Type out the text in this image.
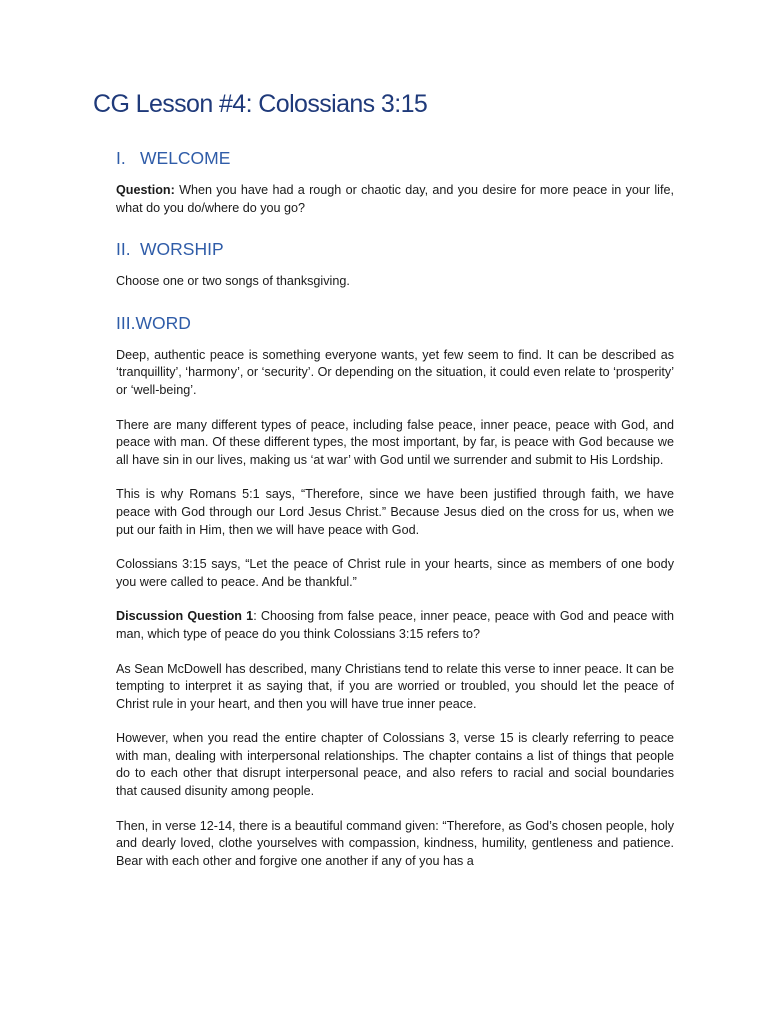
CG Lesson #4: Colossians 3:15
I. WELCOME

Question: When you have had a rough or chaotic day, and you desire for more peace in your life, what do you do/where do you go?

II. WORSHIP

Choose one or two songs of thanksgiving.

III.WORD

Deep, authentic peace is something everyone wants, yet few seem to find. It can be described as ‘tranquillity’, ‘harmony’, or ‘security’. Or depending on the situation, it could even relate to ‘prosperity’ or ‘well-being’.

There are many different types of peace, including false peace, inner peace, peace with God, and peace with man. Of these different types, the most important, by far, is peace with God because we all have sin in our lives, making us ‘at war’ with God until we surrender and submit to His Lordship.

This is why Romans 5:1 says, “Therefore, since we have been justified through faith, we have peace with God through our Lord Jesus Christ.” Because Jesus died on the cross for us, when we put our faith in Him, then we will have peace with God.

Colossians 3:15 says, “Let the peace of Christ rule in your hearts, since as members of one body you were called to peace. And be thankful.”

Discussion Question 1: Choosing from false peace, inner peace, peace with God and peace with man, which type of peace do you think Colossians 3:15 refers to?

As Sean McDowell has described, many Christians tend to relate this verse to inner peace. It can be tempting to interpret it as saying that, if you are worried or troubled, you should let the peace of Christ rule in your heart, and then you will have true inner peace.

However, when you read the entire chapter of Colossians 3, verse 15 is clearly referring to peace with man, dealing with interpersonal relationships. The chapter contains a list of things that people do to each other that disrupt interpersonal peace, and also refers to racial and social boundaries that caused disunity among people.

Then, in verse 12-14, there is a beautiful command given: “Therefore, as God’s chosen people, holy and dearly loved, clothe yourselves with compassion, kindness, humility, gentleness and patience. Bear with each other and forgive one another if any of you has a
